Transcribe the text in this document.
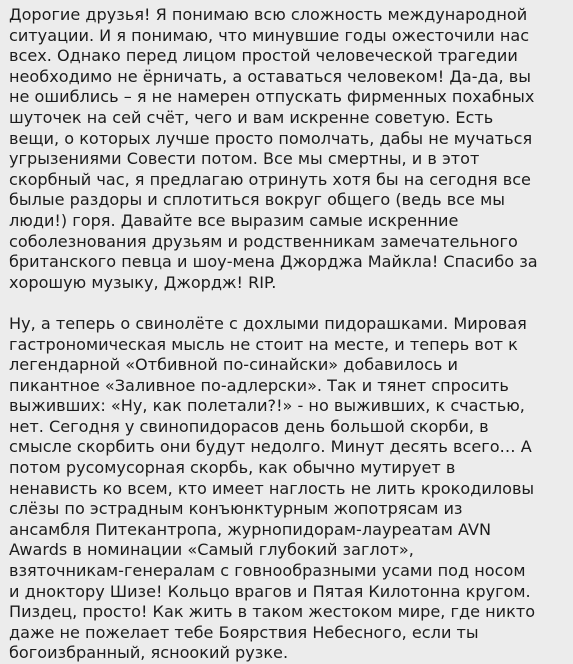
Дорогие друзья! Я понимаю всю сложность международной
ситуации. И я понимаю, что минувшие годы ожесточили нас
всех. Однако перед лицом простой человеческой трагедии
необходимо не ёрничать, а оставаться человеком! Да-да, вы
не ошиблись – я не намерен отпускать фирменных похабных
шуточек на сей счёт, чего и вам искренне советую. Есть
вещи, о которых лучше просто помолчать, дабы не мучаться
угрызениями Совести потом. Все мы смертны, и в этот
скорбный час, я предлагаю отринуть хотя бы на сегодня все
былые раздоры и сплотиться вокруг общего (ведь все мы
люди!) горя. Давайте все выразим самые искренние
соболезнования друзьям и родственникам замечательного
британского певца и шоу-мена Джорджа Майкла! Спасибо за
хорошую музыку, Джордж! RIP.

Ну, а теперь о свинолёте с дохлыми пидорашками. Мировая
гастрономическая мысль не стоит на месте, и теперь вот к
легендарной «Отбивной по-синайски» добавилось и
пикантное «Заливное по-адлерски». Так и тянет спросить
выживших: «Ну, как полетали?!» - но выживших, к счастью,
нет. Сегодня у свинопидорасов день большой скорби, в
смысле скорбить они будут недолго. Минут десять всего… А
потом русомусорная скорбь, как обычно мутирует в
ненависть ко всем, кто имеет наглость не лить крокодиловы
слёзы по эстрадным конъюнктурным жопотрясам из
ансамбля Питекантропа, журнопидорам-лауреатам AVN
Awards в номинации «Самый глубокий заглот»,
взяточникам-генералам с говнообразными усами под носом
и дноктору Шизе! Кольцо врагов и Пятая Килотонна кругом.
Пиздец, просто! Как жить в таком жестоком мире, где никто
даже не пожелает тебе Боярствия Небесного, если ты
богоизбранный, ясноокий рузке.
